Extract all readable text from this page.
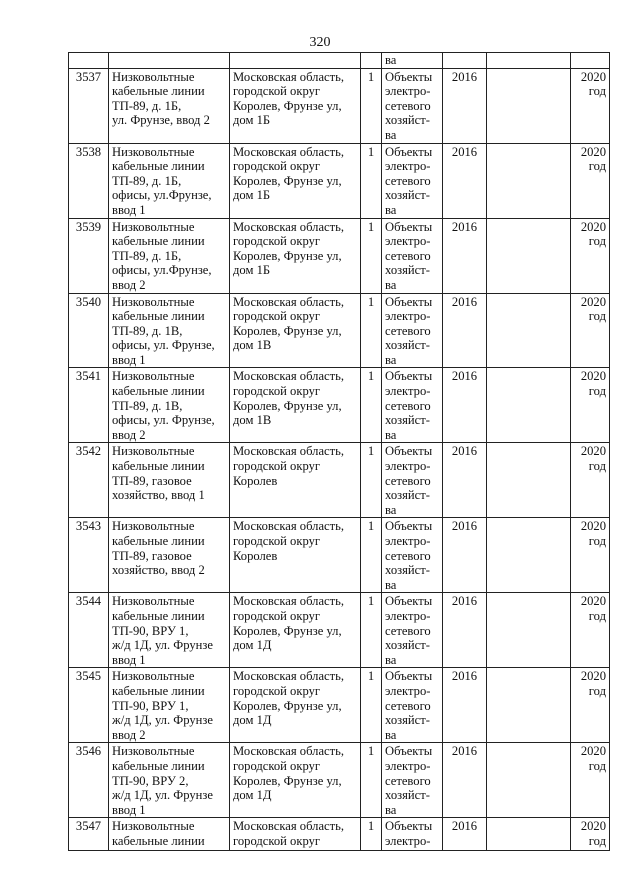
320
				ва			
3537	Низковольтные
кабельные линии
ТП-89, д. 1Б,
ул. Фрунзе, ввод 2	Московская область,
городской округ
Королев, Фрунзе ул,
дом 1Б	1	Объекты
электро-
сетевого
хозяйст-
ва	2016		2020
год
3538	Низковольтные
кабельные линии
ТП-89, д. 1Б,
офисы, ул.Фрунзе,
ввод 1	Московская область,
городской округ
Королев, Фрунзе ул,
дом 1Б	1	Объекты
электро-
сетевого
хозяйст-
ва	2016		2020
год
3539	Низковольтные
кабельные линии
ТП-89, д. 1Б,
офисы, ул.Фрунзе,
ввод 2	Московская область,
городской округ
Королев, Фрунзе ул,
дом 1Б	1	Объекты
электро-
сетевого
хозяйст-
ва	2016		2020
год
3540	Низковольтные
кабельные линии
ТП-89, д. 1В,
офисы, ул. Фрунзе,
ввод 1	Московская область,
городской округ
Королев, Фрунзе ул,
дом 1В	1	Объекты
электро-
сетевого
хозяйст-
ва	2016		2020
год
3541	Низковольтные
кабельные линии
ТП-89, д. 1В,
офисы, ул. Фрунзе,
ввод 2	Московская область,
городской округ
Королев, Фрунзе ул,
дом 1В	1	Объекты
электро-
сетевого
хозяйст-
ва	2016		2020
год
3542	Низковольтные
кабельные линии
ТП-89, газовое
хозяйство, ввод 1	Московская область,
городской округ
Королев	1	Объекты
электро-
сетевого
хозяйст-
ва	2016		2020
год
3543	Низковольтные
кабельные линии
ТП-89, газовое
хозяйство, ввод 2	Московская область,
городской округ
Королев	1	Объекты
электро-
сетевого
хозяйст-
ва	2016		2020
год
3544	Низковольтные
кабельные линии
ТП-90, ВРУ 1,
ж/д 1Д, ул. Фрунзе
ввод 1	Московская область,
городской округ
Королев, Фрунзе ул,
дом 1Д	1	Объекты
электро-
сетевого
хозяйст-
ва	2016		2020
год
3545	Низковольтные
кабельные линии
ТП-90, ВРУ 1,
ж/д 1Д, ул. Фрунзе
ввод 2	Московская область,
городской округ
Королев, Фрунзе ул,
дом 1Д	1	Объекты
электро-
сетевого
хозяйст-
ва	2016		2020
год
3546	Низковольтные
кабельные линии
ТП-90, ВРУ 2,
ж/д 1Д, ул. Фрунзе
ввод 1	Московская область,
городской округ
Королев, Фрунзе ул,
дом 1Д	1	Объекты
электро-
сетевого
хозяйст-
ва	2016		2020
год
3547	Низковольтные
кабельные линии	Московская область,
городской округ	1	Объекты
электро-	2016		2020
год
